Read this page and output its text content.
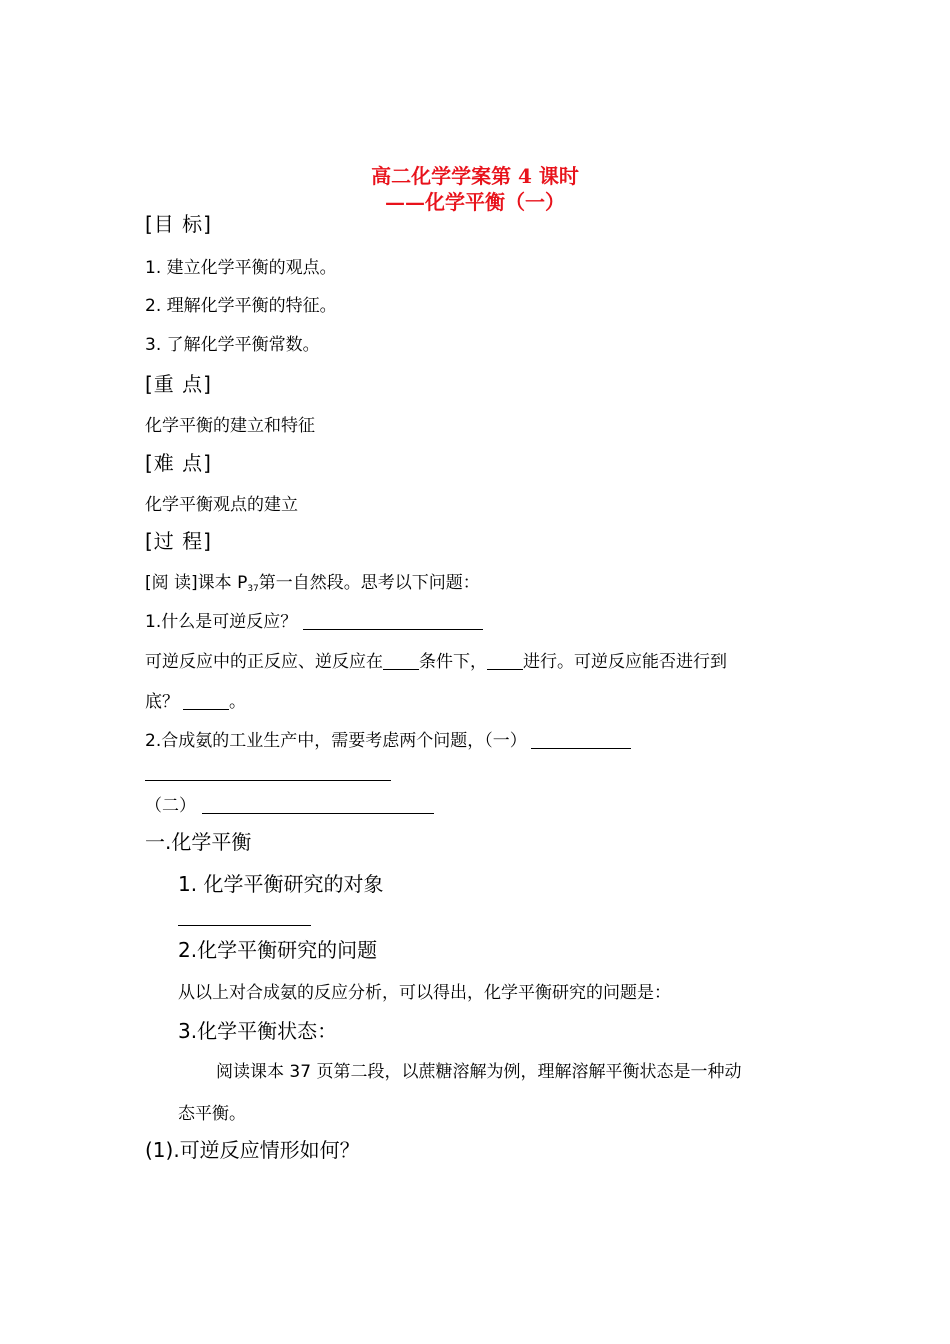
高二化学学案第 4 课时
——化学平衡（一）
[目 标]
1. 建立化学平衡的观点。
2. 理解化学平衡的特征。
3. 了解化学平衡常数。
[重 点]
化学平衡的建立和特征
[难 点]
化学平衡观点的建立
[过 程]
[阅 读]课本 $P_{37}$第一自然段。思考以下问题：
1.什么是可逆反应？
可逆反应中的正反应、逆反应在 条件下， 进行。可逆反应能否进行到
底？	。
2.合成氨的工业生产中，需要考虑两个问题，（一）
（二）
一.化学平衡
1. 化学平衡研究的对象
2.化学平衡研究的问题
从以上对合成氨的反应分析，可以得出，化学平衡研究的问题是：
3.化学平衡状态：
阅读课本 37 页第二段，以蔗糖溶解为例，理解溶解平衡状态是一种动
态平衡。
(1).可逆反应情形如何？
